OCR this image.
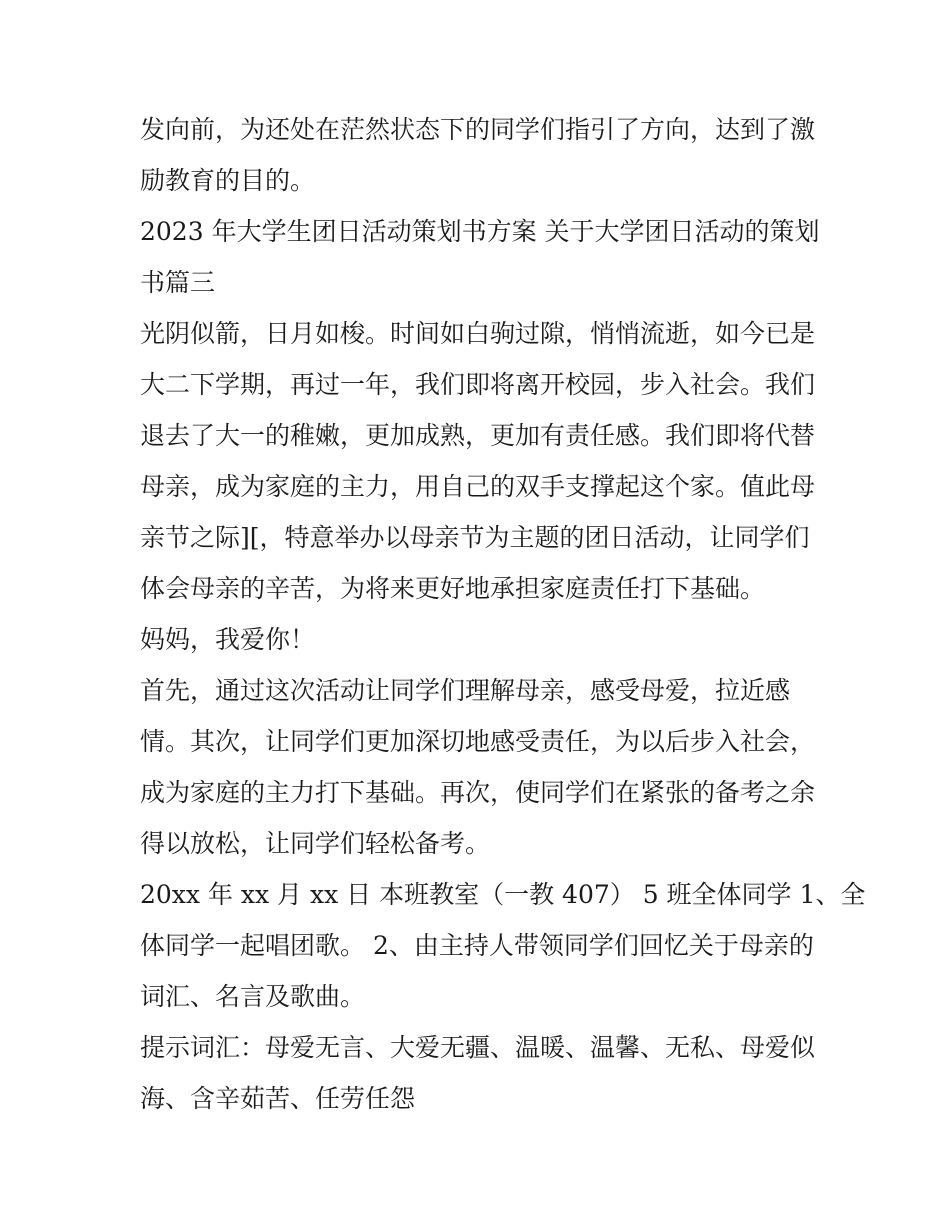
发向前，为还处在茫然状态下的同学们指引了方向，达到了激
励教育的目的。

2023 年大学生团日活动策划书方案 关于大学团日活动的策划
书篇三

光阴似箭，日月如梭。时间如白驹过隙，悄悄流逝，如今已是
大二下学期，再过一年，我们即将离开校园，步入社会。我们
退去了大一的稚嫩，更加成熟，更加有责任感。我们即将代替
母亲，成为家庭的主力，用自己的双手支撑起这个家。值此母
亲节之际][，特意举办以母亲节为主题的团日活动，让同学们
体会母亲的辛苦，为将来更好地承担家庭责任打下基础。

妈妈，我爱你！

首先，通过这次活动让同学们理解母亲，感受母爱，拉近感
情。其次，让同学们更加深切地感受责任，为以后步入社会，
成为家庭的主力打下基础。再次，使同学们在紧张的备考之余
得以放松，让同学们轻松备考。

20xx 年 xx 月 xx 日 本班教室（一教 407） 5 班全体同学 1、全
体同学一起唱团歌。 2、由主持人带领同学们回忆关于母亲的
词汇、名言及歌曲。

提示词汇：母爱无言、大爱无疆、温暖、温馨、无私、母爱似
海、含辛茹苦、任劳任怨
